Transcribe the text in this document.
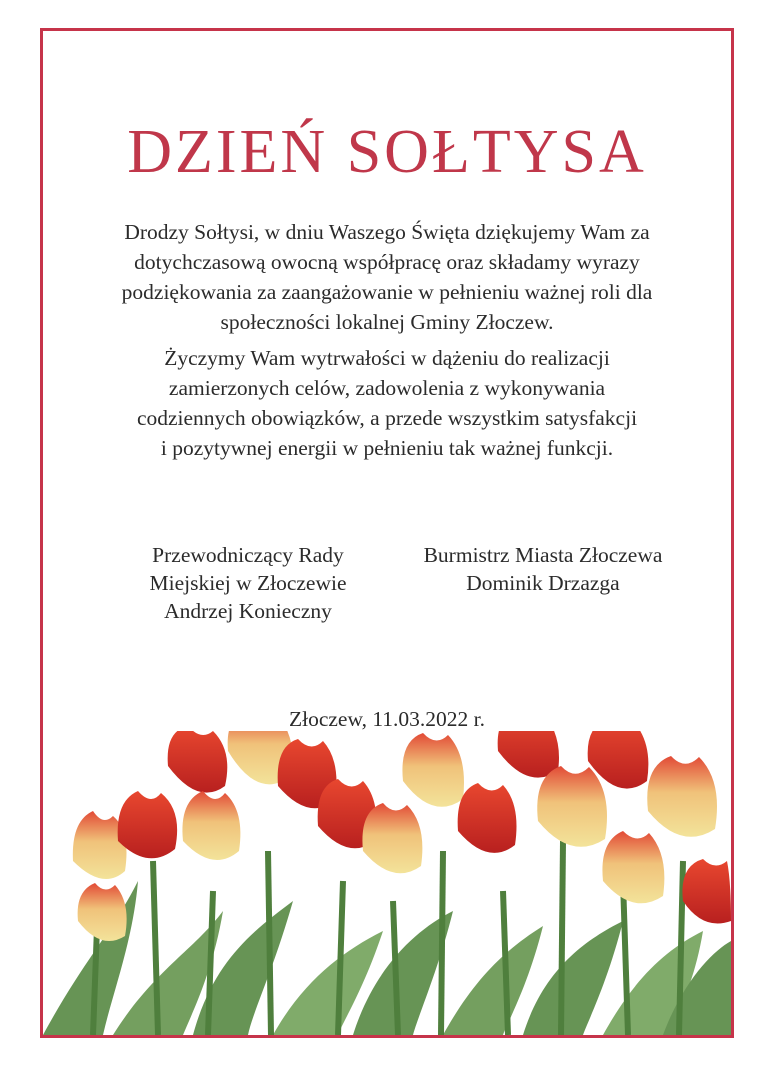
DZIEŃ SOŁTYSA
Drodzy Sołtysi, w dniu Waszego Święta dziękujemy Wam za
dotychczasową owocną współpracę oraz składamy wyrazy
podziękowania za zaangażowanie w pełnieniu ważnej roli dla
społeczności lokalnej Gminy Złoczew.
Życzymy Wam wytrwałości w dążeniu do realizacji
zamierzonych celów, zadowolenia z wykonywania
codziennych obowiązków, a przede wszystkim satysfakcji
i pozytywnej energii w pełnieniu tak ważnej funkcji.
Przewodniczący Rady
Miejskiej w Złoczewie
Andrzej Konieczny
Burmistrz Miasta Złoczewa
Dominik Drzazga
Złoczew, 11.03.2022 r.
